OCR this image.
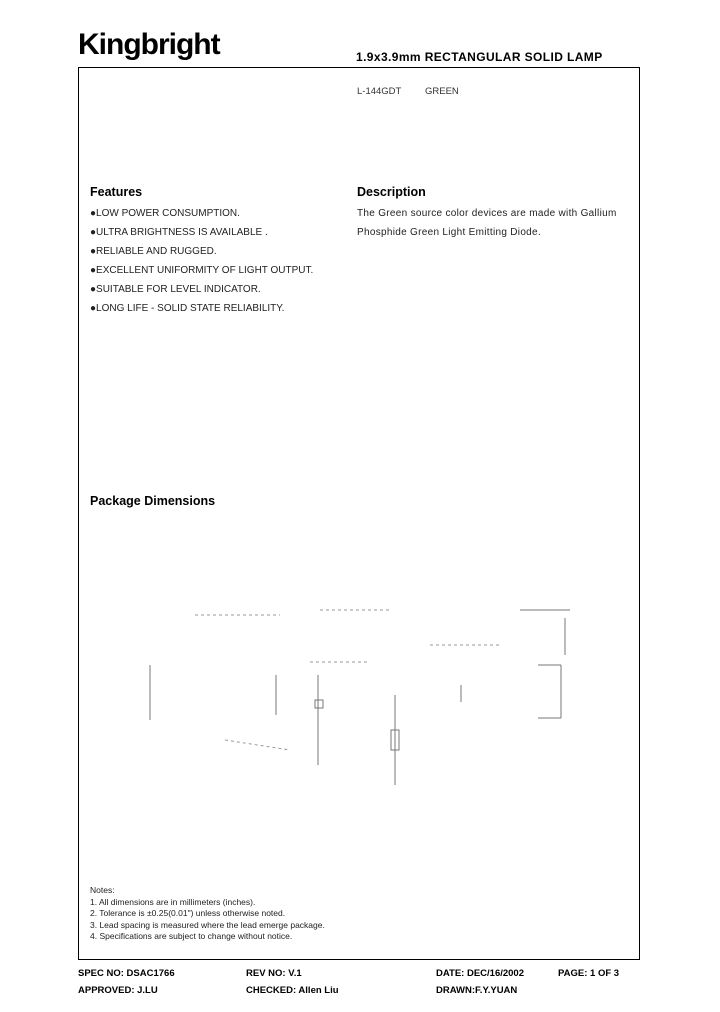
Kingbright	1.9x3.9mm RECTANGULAR SOLID LAMP
L-144GDT GREEN
Features
●LOW POWER CONSUMPTION.
●ULTRA BRIGHTNESS IS AVAILABLE .
●RELIABLE AND RUGGED.
●EXCELLENT UNIFORMITY OF LIGHT OUTPUT.
●SUITABLE FOR LEVEL INDICATOR.
●LONG LIFE - SOLID STATE RELIABILITY.
Description
The Green source color devices are made with Gallium
Phosphide Green Light Emitting Diode.
Package Dimensions
Notes:
1. All dimensions are in millimeters (inches).
2. Tolerance is ±0.25(0.01") unless otherwise noted.
3. Lead spacing is measured where the lead emerge package.
4. Specifications are subject to change without notice.
SPEC NO: DSAC1766	REV NO: V.1	DATE: DEC/16/2002	PAGE: 1 OF 3
APPROVED: J.LU	CHECKED: Allen Liu	DRAWN:F.Y.YUAN
